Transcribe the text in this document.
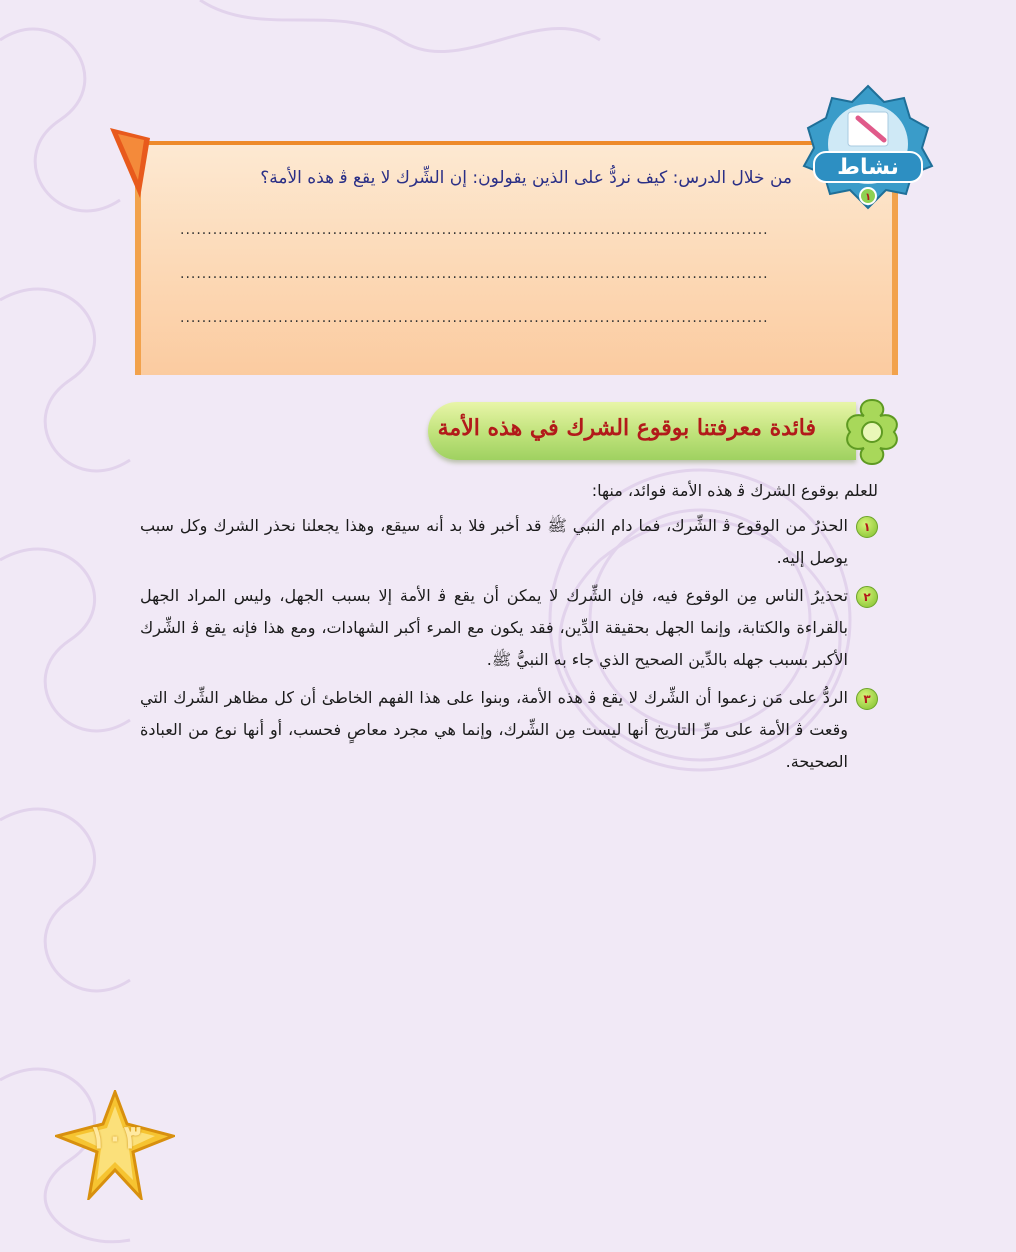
نشاط
١
من خلال الدرس: كيف نردُّ على الذين يقولون: إن الشِّرك لا يقع ﭬ هذه الأمة؟
............................................................................................................
............................................................................................................
............................................................................................................
فائدة معرفتنا بوقوع الشرك في هذه الأمة

للعلم بوقوع الشرك ﭬ هذه الأمة فوائد، منها:

١
الحذرُ من الوقوع ﭬ الشِّرك، فما دام النبي ﷺ قد أخبر فلا بد أنه سيقع، وهذا يجعلنا نحذر الشرك وكل سبب يوصل إليه.
٢
تحذيرُ الناس مِن الوقوع فيه، فإن الشِّرك لا يمكن أن يقع ﭬ الأمة إلا بسبب الجهل، وليس المراد الجهل بالقراءة والكتابة، وإنما الجهل بحقيقة الدِّين، فقد يكون مع المرء أكبر الشهادات، ومع هذا فإنه يقع ﭬ الشِّرك الأكبر بسبب جهله بالدِّين الصحيح الذي جاء به النبيُّ ﷺ.
٣
الردُّ على مَن زعموا أن الشِّرك لا يقع ﭬ هذه الأمة، وبنوا على هذا الفهم الخاطئ أن كل مظاهر الشِّرك التي وقعت ﭬ الأمة على مرِّ التاريخ أنها ليست مِن الشِّرك، وإنما هي مجرد معاصٍ فحسب، أو أنها نوع من العبادة الصحيحة.
١٠٣
